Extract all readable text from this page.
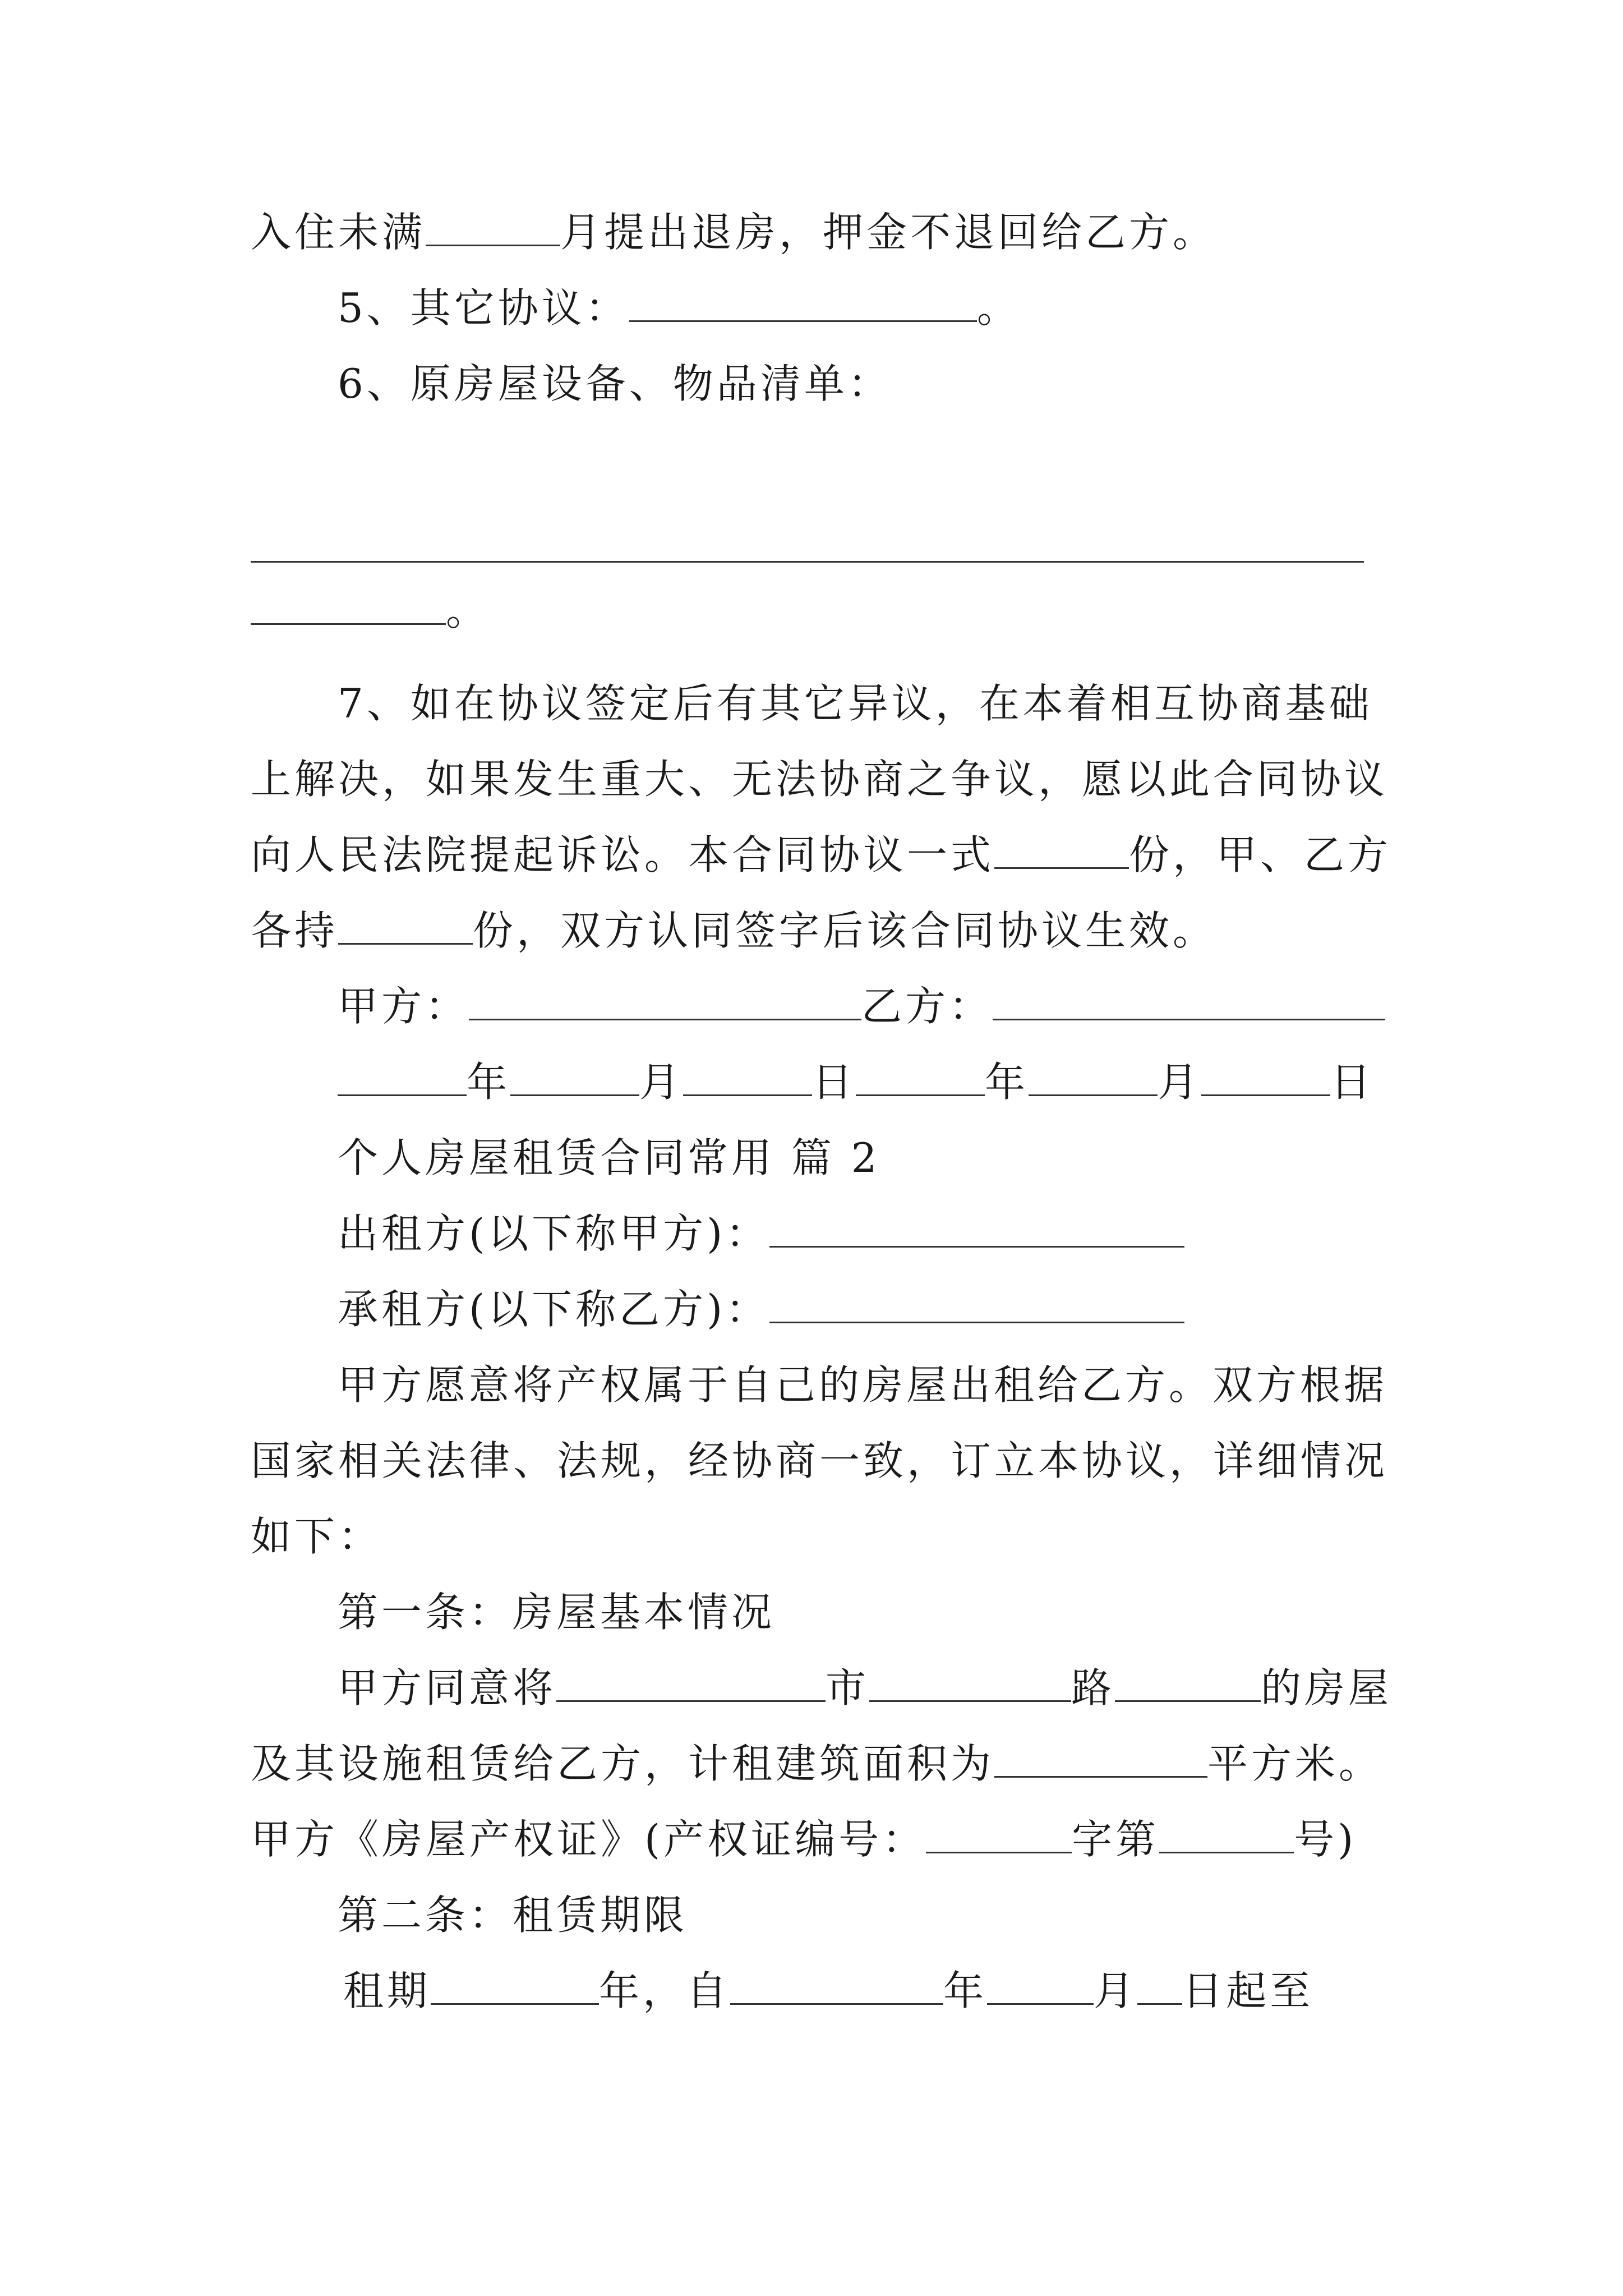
入住未满	月提出退房，押金不退回给乙方。

5、其它协议：	。

6、原房屋设备、物品清单：

。

7、如在协议签定后有其它异议，在本着相互协商基础

上解决，如果发生重大、无法协商之争议，愿以此合同协议

向人民法院提起诉讼。本合同协议一式	份，甲、乙方

各持	份，双方认同签字后该合同协议生效。

甲方：	乙方：

年	月	日	年	月	日

个人房屋租赁合同常用 篇 2

出租方(以下称甲方)：

承租方(以下称乙方)：

甲方愿意将产权属于自己的房屋出租给乙方。双方根据

国家相关法律、法规，经协商一致，订立本协议，详细情况

如下：

第一条：房屋基本情况

甲方同意将	市	路	的房屋

及其设施租赁给乙方，计租建筑面积为	平方米。

甲方《房屋产权证》(产权证编号：	字第	号)

第二条：租赁期限

租期	年，自	年	月 日起至
